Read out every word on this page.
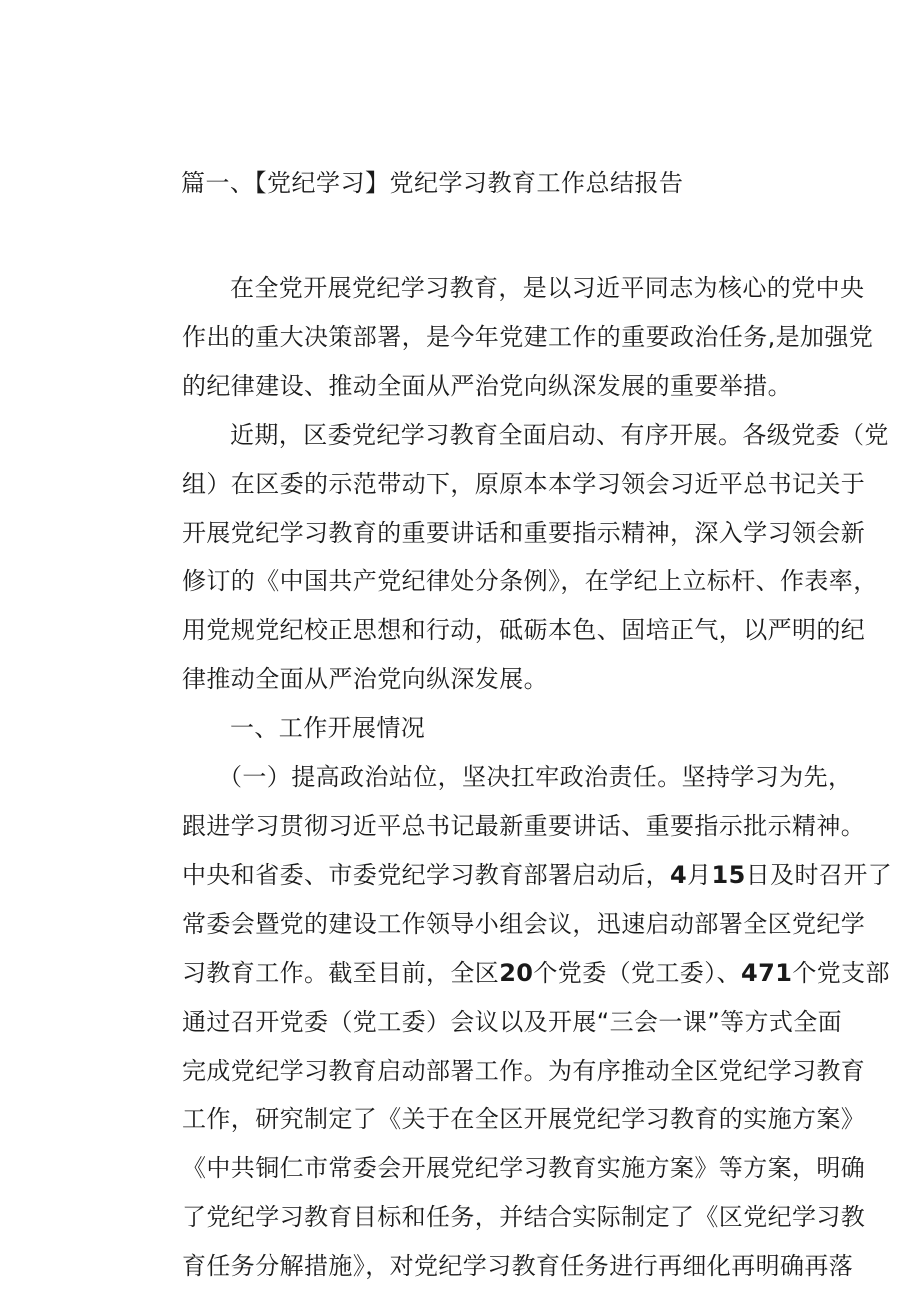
篇一、【党纪学习】党纪学习教育工作总结报告
在全党开展党纪学习教育，是以习近平同志为核心的党中央
作出的重大决策部署，是今年党建工作的重要政治任务,是加强党
的纪律建设、推动全面从严治党向纵深发展的重要举措。
近期，区委党纪学习教育全面启动、有序开展。各级党委（党
组）在区委的示范带动下，原原本本学习领会习近平总书记关于
开展党纪学习教育的重要讲话和重要指示精神，深入学习领会新
修订的《中国共产党纪律处分条例》，在学纪上立标杆、作表率，
用党规党纪校正思想和行动，砥砺本色、固培正气，以严明的纪
律推动全面从严治党向纵深发展。
一、工作开展情况
（一）提高政治站位，坚决扛牢政治责任。坚持学习为先，
跟进学习贯彻习近平总书记最新重要讲话、重要指示批示精神。
中央和省委、市委党纪学习教育部署启动后，4月15日及时召开了
常委会暨党的建设工作领导小组会议，迅速启动部署全区党纪学
习教育工作。截至目前，全区20个党委（党工委）、471个党支部
通过召开党委（党工委）会议以及开展“三会一课”等方式全面
完成党纪学习教育启动部署工作。为有序推动全区党纪学习教育
工作，研究制定了《关于在全区开展党纪学习教育的实施方案》
《中共铜仁市常委会开展党纪学习教育实施方案》等方案，明确
了党纪学习教育目标和任务，并结合实际制定了《区党纪学习教
育任务分解措施》，对党纪学习教育任务进行再细化再明确再落
